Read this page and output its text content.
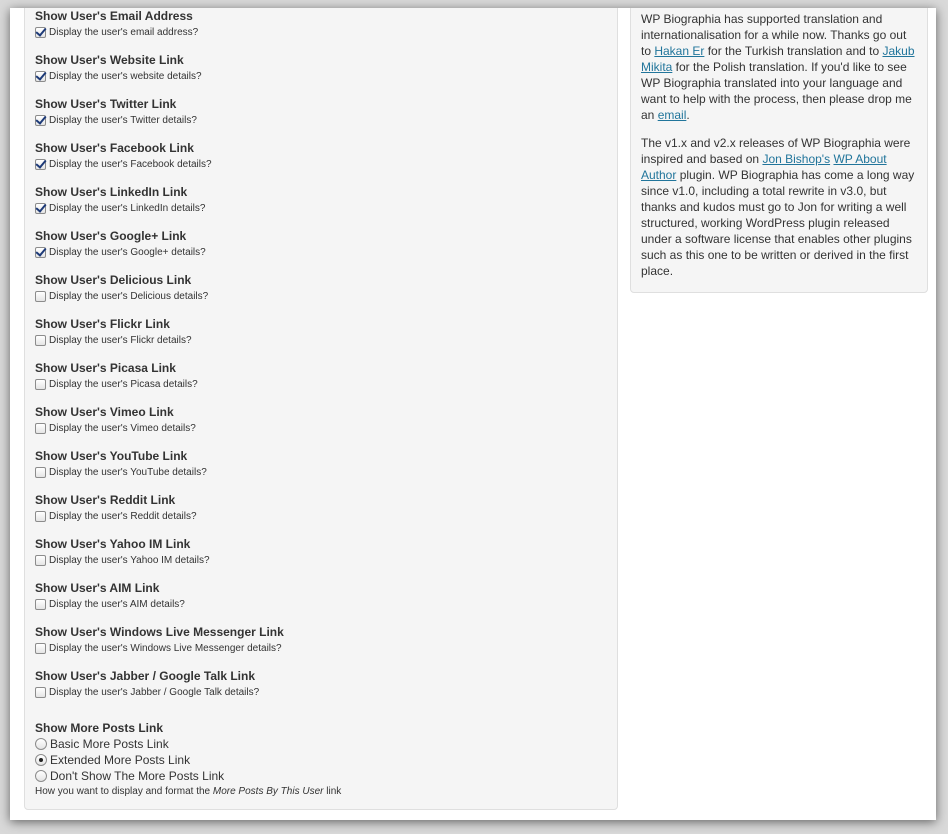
Show User's Email Address
Display the user's email address?
Show User's Website Link
Display the user's website details?
Show User's Twitter Link
Display the user's Twitter details?
Show User's Facebook Link
Display the user's Facebook details?
Show User's LinkedIn Link
Display the user's LinkedIn details?
Show User's Google+ Link
Display the user's Google+ details?
Show User's Delicious Link
Display the user's Delicious details?
Show User's Flickr Link
Display the user's Flickr details?
Show User's Picasa Link
Display the user's Picasa details?
Show User's Vimeo Link
Display the user's Vimeo details?
Show User's YouTube Link
Display the user's YouTube details?
Show User's Reddit Link
Display the user's Reddit details?
Show User's Yahoo IM Link
Display the user's Yahoo IM details?
Show User's AIM Link
Display the user's AIM details?
Show User's Windows Live Messenger Link
Display the user's Windows Live Messenger details?
Show User's Jabber / Google Talk Link
Display the user's Jabber / Google Talk details?
Show More Posts Link
Basic More Posts Link
Extended More Posts Link
Don't Show The More Posts Link
How you want to display and format the More Posts By This User link

WP Biographia has supported translation and internationalisation for a while now. Thanks go out to Hakan Er for the Turkish translation and to Jakub Mikita for the Polish translation. If you'd like to see WP Biographia translated into your language and want to help with the process, then please drop me an email.

The v1.x and v2.x releases of WP Biographia were inspired and based on Jon Bishop's WP About Author plugin. WP Biographia has come a long way since v1.0, including a total rewrite in v3.0, but thanks and kudos must go to Jon for writing a well structured, working WordPress plugin released under a software license that enables other plugins such as this one to be written or derived in the first place.
